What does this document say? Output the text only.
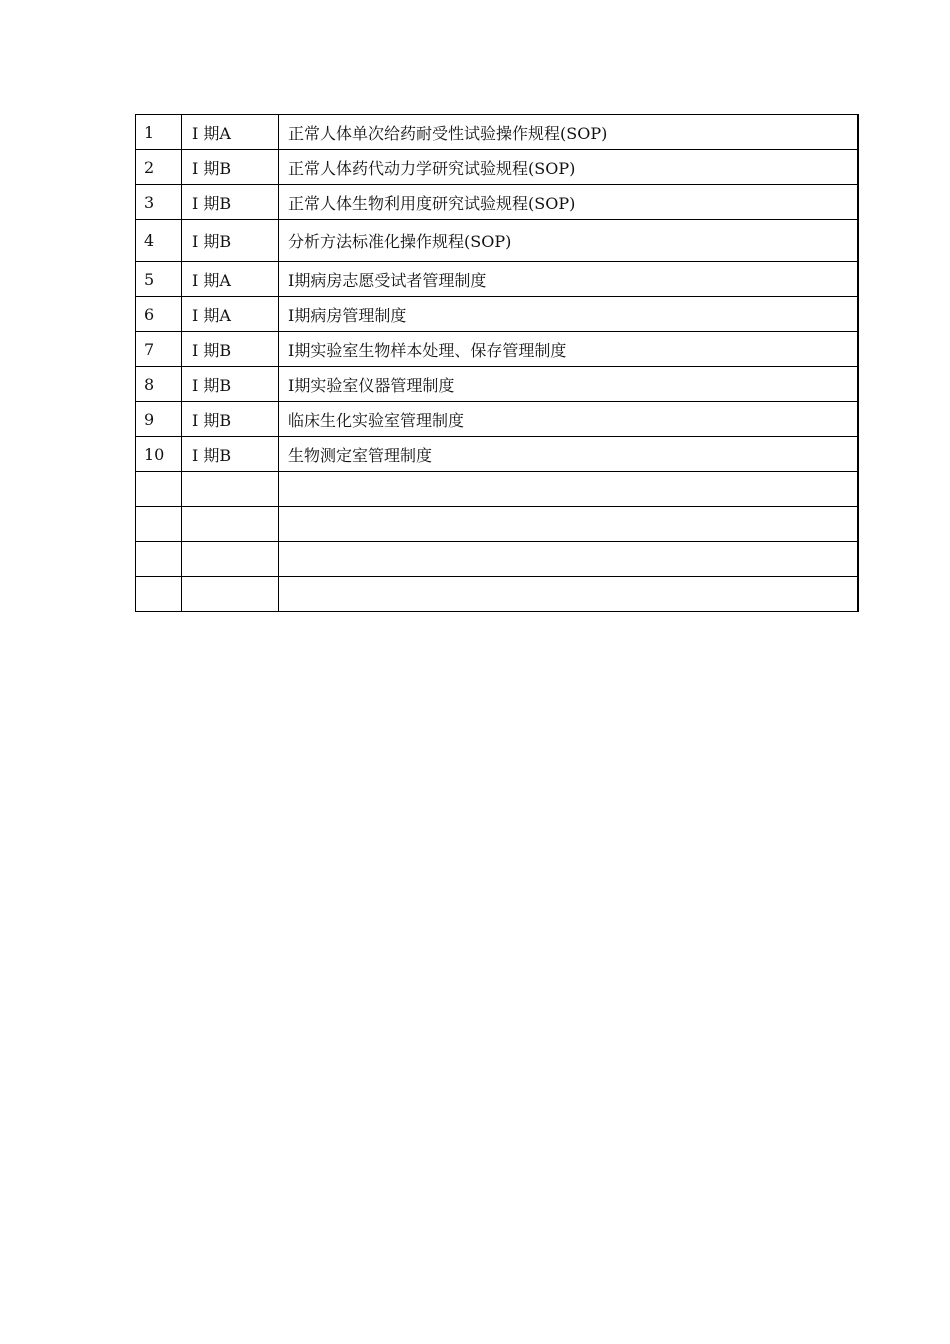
1	I 期A	正常人体单次给药耐受性试验操作规程(SOP)
2	I 期B	正常人体药代动力学研究试验规程(SOP)
3	I 期B	正常人体生物利用度研究试验规程(SOP)
4	I 期B	分析方法标准化操作规程(SOP)
5	I 期A	I期病房志愿受试者管理制度
6	I 期A	I期病房管理制度
7	I 期B	I期实验室生物样本处理、保存管理制度
8	I 期B	I期实验室仪器管理制度
9	I 期B	临床生化实验室管理制度
10	I 期B	生物测定室管理制度
